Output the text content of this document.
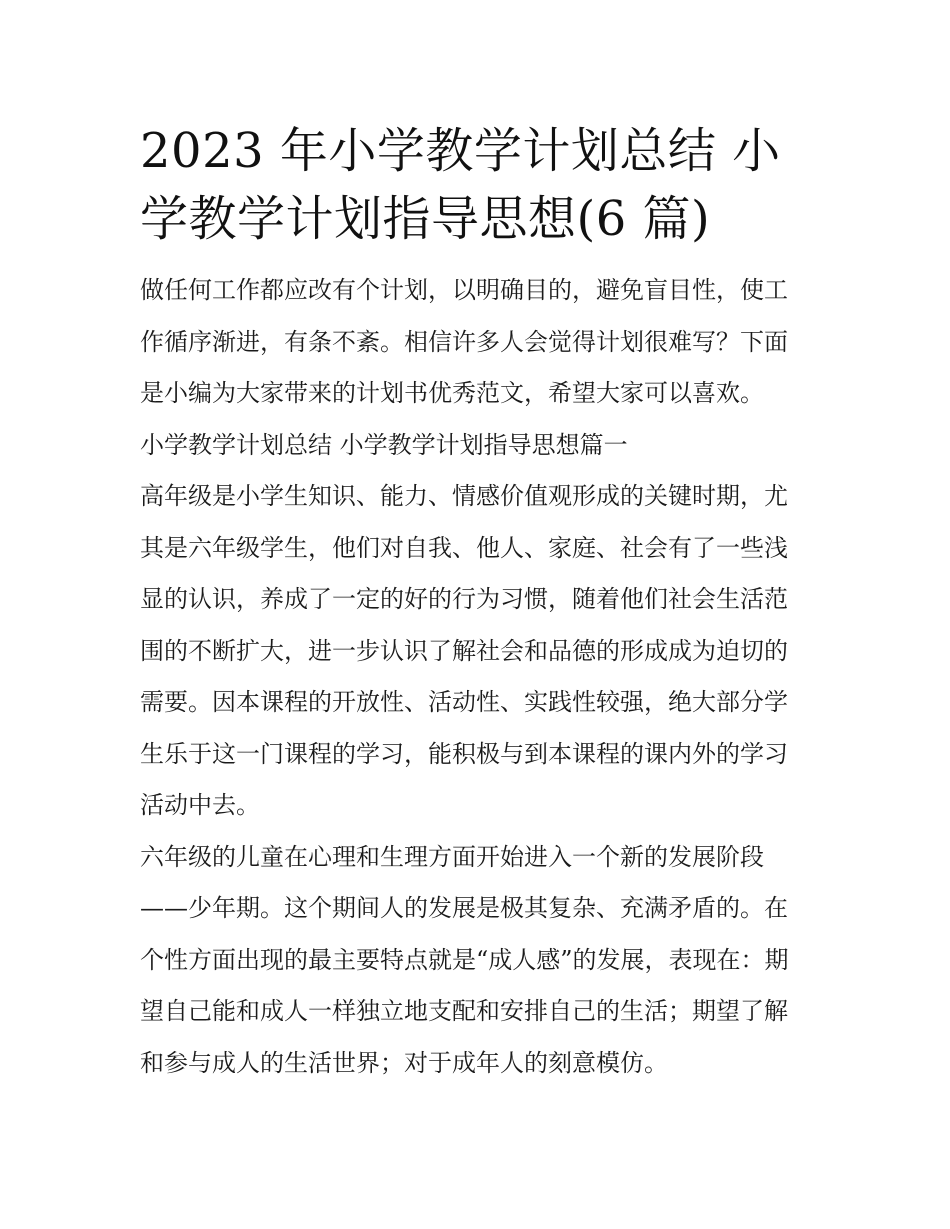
2023 年小学教学计划总结 小
学教学计划指导思想(6 篇)

做任何工作都应改有个计划，以明确目的，避免盲目性，使工

作循序渐进，有条不紊。相信许多人会觉得计划很难写？下面

是小编为大家带来的计划书优秀范文，希望大家可以喜欢。

小学教学计划总结 小学教学计划指导思想篇一

高年级是小学生知识、能力、情感价值观形成的关键时期，尤

其是六年级学生，他们对自我、他人、家庭、社会有了一些浅

显的认识，养成了一定的好的行为习惯，随着他们社会生活范

围的不断扩大，进一步认识了解社会和品德的形成成为迫切的

需要。因本课程的开放性、活动性、实践性较强，绝大部分学

生乐于这一门课程的学习，能积极与到本课程的课内外的学习

活动中去。

六年级的儿童在心理和生理方面开始进入一个新的发展阶段

——少年期。这个期间人的发展是极其复杂、充满矛盾的。在

个性方面出现的最主要特点就是“成人感”的发展，表现在：期

望自己能和成人一样独立地支配和安排自己的生活；期望了解

和参与成人的生活世界；对于成年人的刻意模仿。
